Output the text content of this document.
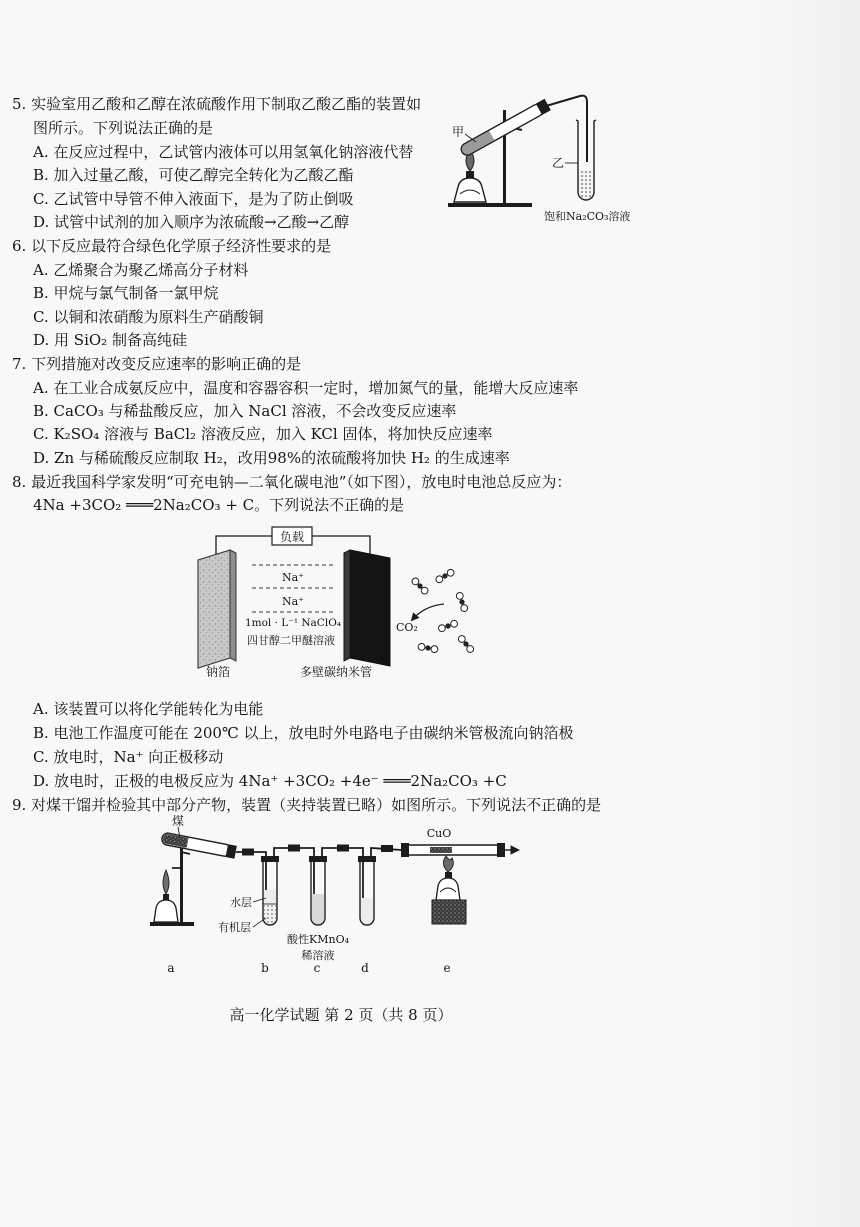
5. 实验室用乙酸和乙醇在浓硫酸作用下制取乙酸乙酯的装置如
图所示。下列说法正确的是
A. 在反应过程中，乙试管内液体可以用氢氧化钠溶液代替
B. 加入过量乙酸，可使乙醇完全转化为乙酸乙酯
C. 乙试管中导管不伸入液面下，是为了防止倒吸
D. 试管中试剂的加入顺序为浓硫酸→乙酸→乙醇
甲
乙
饱和Na₂CO₃溶液
6. 以下反应最符合绿色化学原子经济性要求的是
A. 乙烯聚合为聚乙烯高分子材料
B. 甲烷与氯气制备一氯甲烷
C. 以铜和浓硝酸为原料生产硝酸铜
D. 用 SiO₂ 制备高纯硅
7. 下列措施对改变反应速率的影响正确的是
A. 在工业合成氨反应中，温度和容器容积一定时，增加氮气的量，能增大反应速率
B. CaCO₃ 与稀盐酸反应，加入 NaCl 溶液，不会改变反应速率
C. K₂SO₄ 溶液与 BaCl₂ 溶液反应，加入 KCl 固体，将加快反应速率
D. Zn 与稀硫酸反应制取 H₂，改用98%的浓硫酸将加快 H₂ 的生成速率
8. 最近我国科学家发明“可充电钠—二氧化碳电池”（如下图），放电时电池总反应为：
4Na +3CO₂ ═══2Na₂CO₃ + C。下列说法不正确的是
负载
Na⁺
Na⁺
1mol · L⁻¹ NaClO₄
四甘醇二甲醚溶液
钠箔	多壁碳纳米管
CO₂
A. 该装置可以将化学能转化为电能
B. 电池工作温度可能在 200℃ 以上，放电时外电路电子由碳纳米管极流向钠箔极
C. 放电时，Na⁺ 向正极移动
D. 放电时，正极的电极反应为 4Na⁺ +3CO₂ +4e⁻ ═══2Na₂CO₃ +C
9. 对煤干馏并检验其中部分产物，装置（夹持装置已略）如图所示。下列说法不正确的是
煤
水层
有机层
酸性KMnO₄
稀溶液
CuO
a	b	c	d	e
高一化学试题 第 2 页（共 8 页）
